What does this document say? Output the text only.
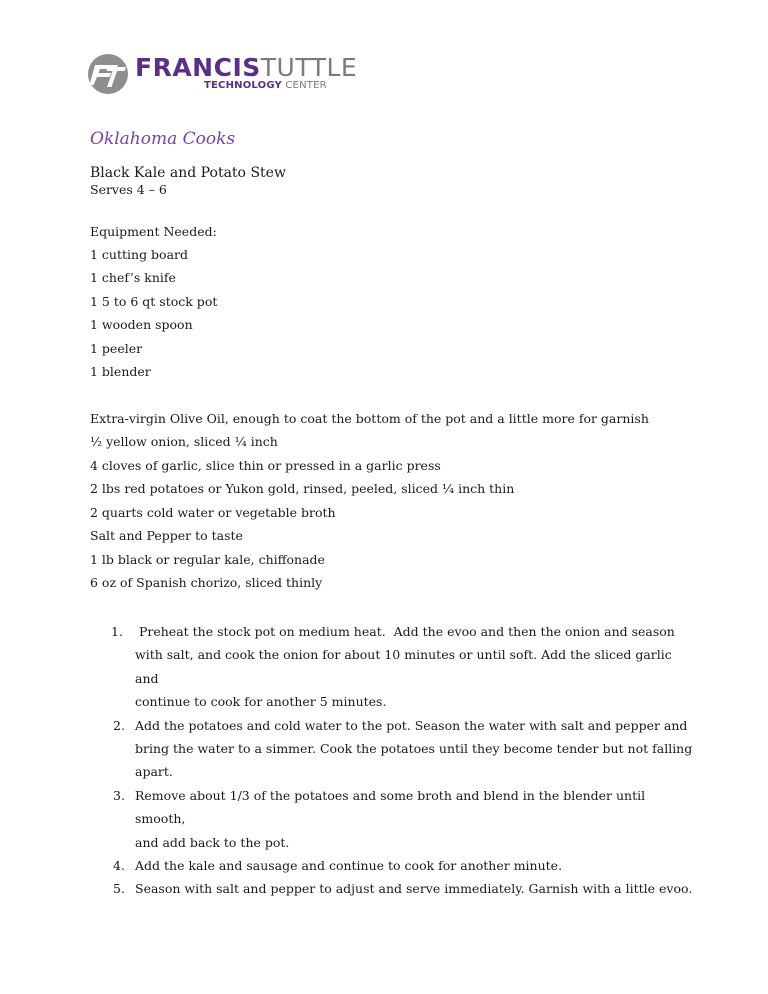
FRANCISTUTTLE
TECHNOLOGY CENTER
Oklahoma Cooks
Black Kale and Potato Stew
Serves 4 – 6
Equipment Needed:
1 cutting board
1 chef’s knife
1 5 to 6 qt stock pot
1 wooden spoon
1 peeler
1 blender
Extra-virgin Olive Oil, enough to coat the bottom of the pot and a little more for garnish
½ yellow onion, sliced ¼ inch
4 cloves of garlic, slice thin or pressed in a garlic press
2 lbs red potatoes or Yukon gold, rinsed, peeled, sliced ¼ inch thin
2 quarts cold water or vegetable broth
Salt and Pepper to taste
1 lb black or regular kale, chiffonade
6 oz of Spanish chorizo, sliced thinly
1. Preheat the stock pot on medium heat.  Add the evoo and then the onion and season
with salt, and cook the onion for about 10 minutes or until soft. Add the sliced garlic and
continue to cook for another 5 minutes.
2. Add the potatoes and cold water to the pot. Season the water with salt and pepper and
bring the water to a simmer. Cook the potatoes until they become tender but not falling
apart.
3. Remove about 1/3 of the potatoes and some broth and blend in the blender until smooth,
and add back to the pot.
4. Add the kale and sausage and continue to cook for another minute.
5. Season with salt and pepper to adjust and serve immediately. Garnish with a little evoo.
